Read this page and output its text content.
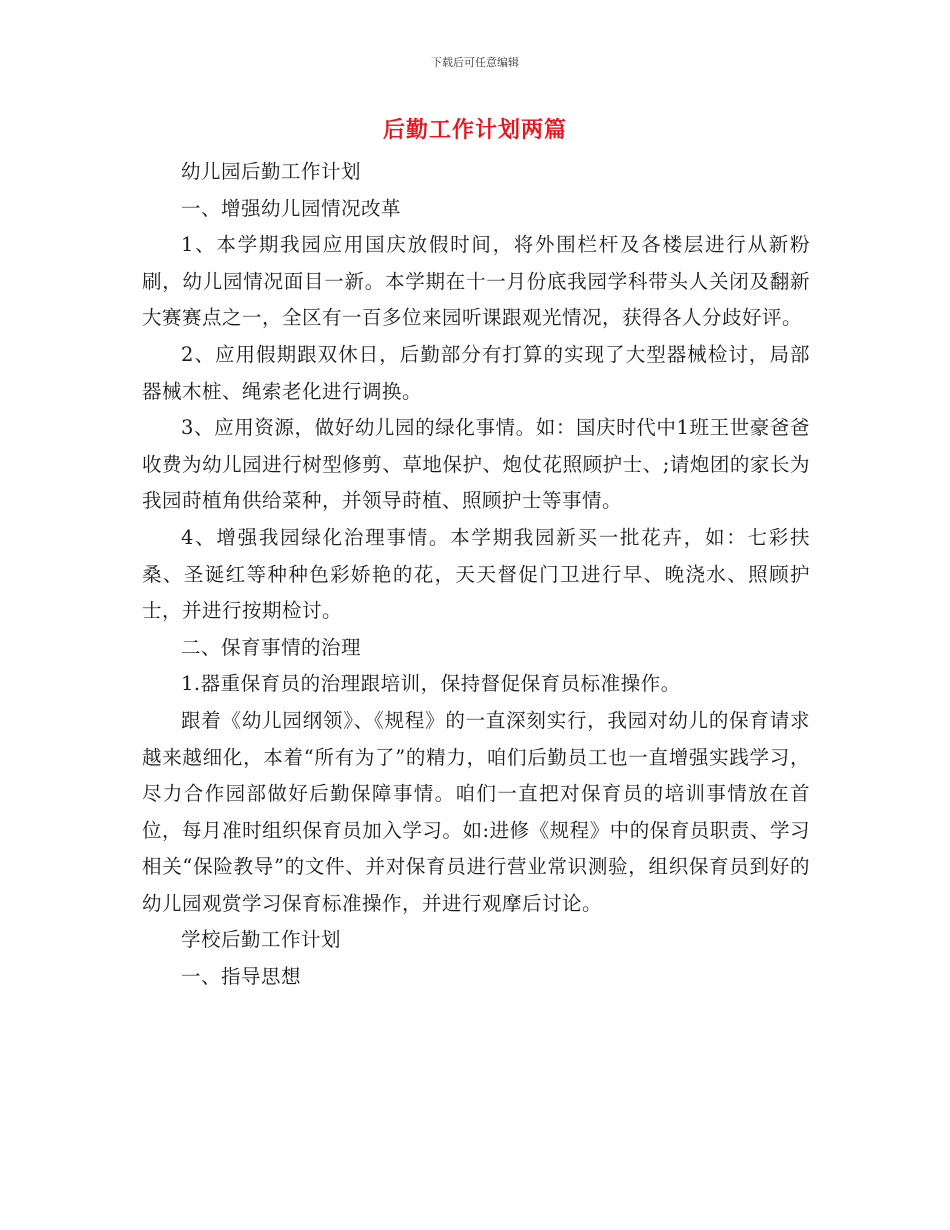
下载后可任意编辑
后勤工作计划两篇

幼儿园后勤工作计划

一、增强幼儿园情况改革

1、本学期我园应用国庆放假时间，将外围栏杆及各楼层进行从新粉刷，幼儿园情况面目一新。本学期在十一月份底我园学科带头人关闭及翻新大赛赛点之一，全区有一百多位来园听课跟观光情况，获得各人分歧好评。

2、应用假期跟双休日，后勤部分有打算的实现了大型器械检讨，局部器械木桩、绳索老化进行调换。

3、应用资源，做好幼儿园的绿化事情。如：国庆时代中1班王世豪爸爸收费为幼儿园进行树型修剪、草地保护、炮仗花照顾护士、;请炮团的家长为我园莳植角供给菜种，并领导莳植、照顾护士等事情。

4、增强我园绿化治理事情。本学期我园新买一批花卉，如：七彩扶桑、圣诞红等种种色彩娇艳的花，天天督促门卫进行早、晚浇水、照顾护士，并进行按期检讨。

二、保育事情的治理

1.器重保育员的治理跟培训，保持督促保育员标准操作。

跟着《幼儿园纲领》、《规程》的一直深刻实行，我园对幼儿的保育请求越来越细化，本着“所有为了”的精力，咱们后勤员工也一直增强实践学习，尽力合作园部做好后勤保障事情。咱们一直把对保育员的培训事情放在首位，每月准时组织保育员加入学习。如:进修《规程》中的保育员职责、学习相关“保险教导”的文件、并对保育员进行营业常识测验，组织保育员到好的幼儿园观赏学习保育标准操作，并进行观摩后讨论。

学校后勤工作计划

一、指导思想
